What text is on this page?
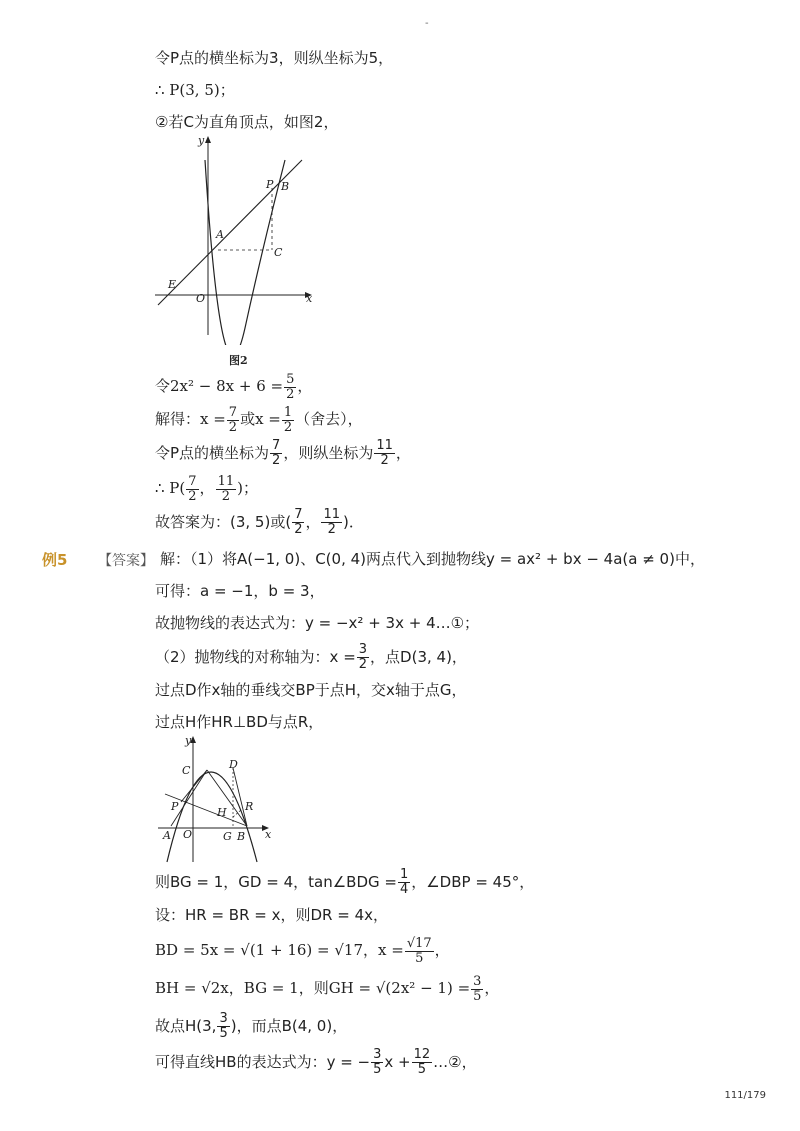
-
令P点的横坐标为3，则纵坐标为5，
∴ P(3, 5)；
②若C为直角顶点，如图2，
y
x
O
E
A
C
P B
图2
令$2x^2 - 8x + 6 = \frac{5}{2}$ ，
解得：$x = \frac{7}{2}$ 或$x = \frac{1}{2}$ （舍去），
令P点的横坐标为 $\frac{7}{2}$ ，则纵坐标为 $\frac{11}{2}$ ，
∴ $P( \frac{7}{2}$ ， $\frac{11}{2}$ )；
故答案为：(3, 5)或( $\frac{7}{2}$ ， $\frac{11}{2}$ )．
例5 【答案】 解：（1）将A(−1, 0)、C(0, 4)两点代入到抛物线y = ax² + bx − 4a(a ≠ 0)中，
可得：a = −1，b = 3，
故抛物线的表达式为：y = −x² + 3x + 4…①；
（2）抛物线的对称轴为：$x = \frac{3}{2}$ ，点D(3, 4)，
过点D作x轴的垂线交BP于点H，交x轴于点G，
过点H作HR⊥BD与点R，
y
x
O
A	B
C	D
P	H
G
R
则BG = 1，GD = 4，tan∠BDG = $\frac{1}{4}$ ，∠DBP = 45°，
设：HR = BR = x，则DR = 4x，
BD = 5x = √(1 + 16) = √17，$x = \frac{√17}{5}$ ，
BH = √2x，BG = 1，则GH = $√(2x^2 - 1) = \frac{3}{5}$ ，
故点H(3, $\frac{3}{5}$ )，而点B(4, 0)，
可得直线HB的表达式为：y = − $\frac{3}{5}$ $x + \frac{12}{5}$ …②，
111/179
